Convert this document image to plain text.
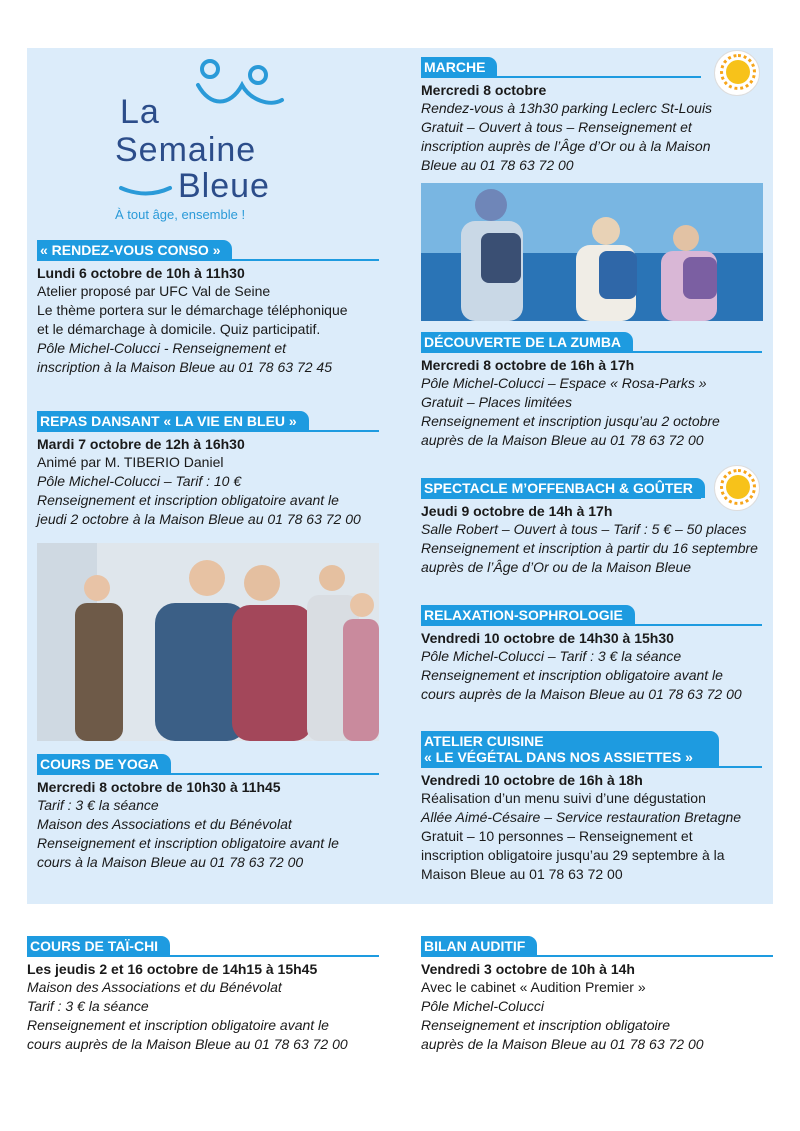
La
Semaine
Bleue
À tout âge, ensemble !
« RENDEZ-VOUS CONSO »
Lundi 6 octobre de 10h à 11h30
Atelier proposé par UFC Val de Seine
Le thème portera sur le démarchage téléphonique
et le démarchage à domicile. Quiz participatif.
Pôle Michel-Colucci - Renseignement et
inscription à la Maison Bleue au 01 78 63 72 45
REPAS DANSANT « LA VIE EN BLEU »
Mardi 7 octobre de 12h à 16h30
Animé par M. TIBERIO Daniel
Pôle Michel-Colucci – Tarif : 10 €
Renseignement et inscription obligatoire avant le
jeudi 2 octobre à la Maison Bleue au 01 78 63 72 00
COURS DE YOGA
Mercredi 8 octobre de 10h30 à 11h45
Tarif : 3 € la séance
Maison des Associations et du Bénévolat
Renseignement et inscription obligatoire avant le
cours à la Maison Bleue au 01 78 63 72 00
MARCHE
Mercredi 8 octobre
Rendez-vous à 13h30 parking Leclerc St-Louis
Gratuit – Ouvert à tous – Renseignement et
inscription auprès de l’Âge d’Or ou à la Maison
Bleue au 01 78 63 72 00
DÉCOUVERTE DE LA ZUMBA
Mercredi 8 octobre de 16h à 17h
Pôle Michel-Colucci – Espace « Rosa-Parks »
Gratuit – Places limitées
Renseignement et inscription jusqu’au 2 octobre
auprès de la Maison Bleue au 01 78 63 72 00
SPECTACLE M’OFFENBACH & GOÛTER
Jeudi 9 octobre de 14h à 17h
Salle Robert – Ouvert à tous – Tarif : 5 € – 50 places
Renseignement et inscription à partir du 16 septembre
auprès de l’Âge d’Or ou de la Maison Bleue
RELAXATION-SOPHROLOGIE
Vendredi 10 octobre de 14h30 à 15h30
Pôle Michel-Colucci – Tarif : 3 € la séance
Renseignement et inscription obligatoire avant le
cours auprès de la Maison Bleue au 01 78 63 72 00
ATELIER CUISINE
« LE VÉGÉTAL DANS NOS ASSIETTES »
Vendredi 10 octobre de 16h à 18h
Réalisation d’un menu suivi d’une dégustation
Allée Aimé-Césaire – Service restauration Bretagne
Gratuit – 10 personnes – Renseignement et
inscription obligatoire jusqu’au 29 septembre à la
Maison Bleue au 01 78 63 72 00
COURS DE TAÏ-CHI
Les jeudis 2 et 16 octobre de 14h15 à 15h45
Maison des Associations et du Bénévolat
Tarif : 3 € la séance
Renseignement et inscription obligatoire avant le
cours auprès de la Maison Bleue au 01 78 63 72 00
BILAN AUDITIF
Vendredi 3 octobre de 10h à 14h
Avec le cabinet « Audition Premier »
Pôle Michel-Colucci
Renseignement et inscription obligatoire
auprès de la Maison Bleue au 01 78 63 72 00
